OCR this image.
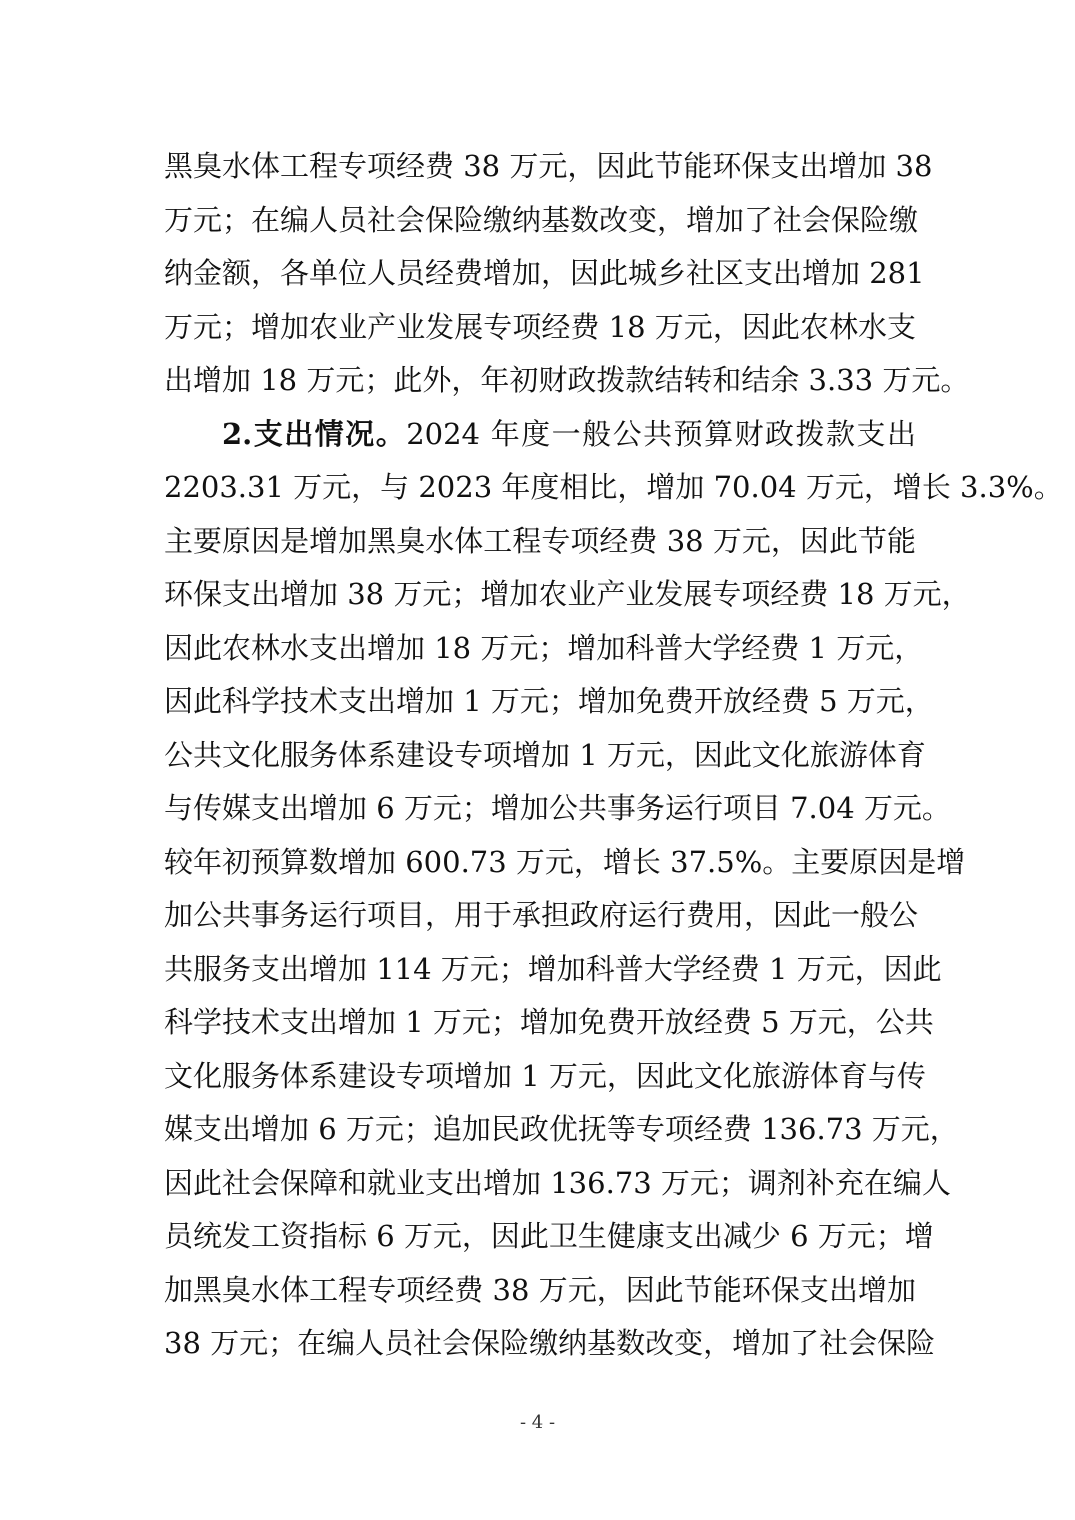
黑臭水体工程专项经费 38 万元，因此节能环保支出增加 38
万元；在编人员社会保险缴纳基数改变，增加了社会保险缴
纳金额，各单位人员经费增加，因此城乡社区支出增加 281
万元；增加农业产业发展专项经费 18 万元，因此农林水支
出增加 18 万元；此外，年初财政拨款结转和结余 3.33 万元。
2.支出情况。2024 年度一般公共预算财政拨款支出
2203.31 万元，与 2023 年度相比，增加 70.04 万元，增长 3.3%。
主要原因是增加黑臭水体工程专项经费 38 万元，因此节能
环保支出增加 38 万元；增加农业产业发展专项经费 18 万元，
因此农林水支出增加 18 万元；增加科普大学经费 1 万元，
因此科学技术支出增加 1 万元；增加免费开放经费 5 万元，
公共文化服务体系建设专项增加 1 万元，因此文化旅游体育
与传媒支出增加 6 万元；增加公共事务运行项目 7.04 万元。
较年初预算数增加 600.73 万元，增长 37.5%。主要原因是增
加公共事务运行项目，用于承担政府运行费用，因此一般公
共服务支出增加 114 万元；增加科普大学经费 1 万元，因此
科学技术支出增加 1 万元；增加免费开放经费 5 万元，公共
文化服务体系建设专项增加 1 万元，因此文化旅游体育与传
媒支出增加 6 万元；追加民政优抚等专项经费 136.73 万元，
因此社会保障和就业支出增加 136.73 万元；调剂补充在编人
员统发工资指标 6 万元，因此卫生健康支出减少 6 万元；增
加黑臭水体工程专项经费 38 万元，因此节能环保支出增加
38 万元；在编人员社会保险缴纳基数改变，增加了社会保险
- 4 -
